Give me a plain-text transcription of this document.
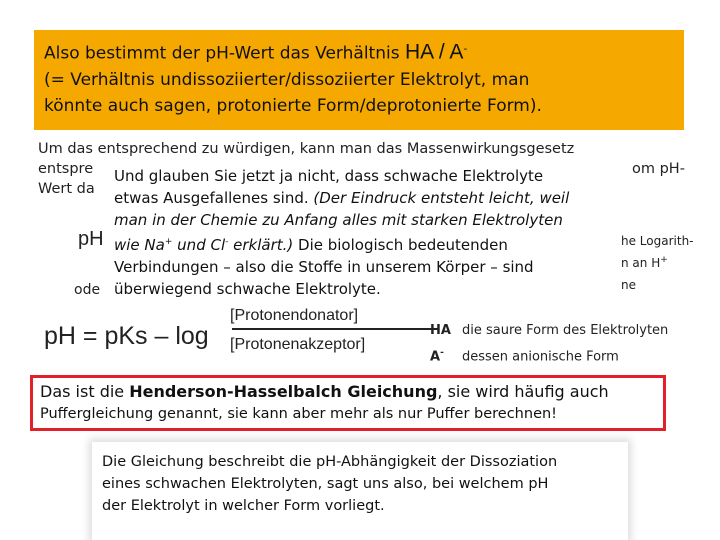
Also bestimmt der pH-Wert das Verhältnis HA / A-
(= Verhältnis undissoziierter/dissoziierter Elektrolyt, man
könnte auch sagen, protonierte Form/deprotonierte Form).
Um das entsprechend zu würdigen, kann man das Massenwirkungsgesetz
entspre	om pH-
Wert da
pH
ode
he Logarith-
n an H+
ne
Und glauben Sie jetzt ja nicht, dass schwache Elektrolyte
etwas Ausgefallenes sind. (Der Eindruck entsteht leicht, weil
man in der Chemie zu Anfang alles mit starken Elektrolyten
wie Na+ und Cl- erklärt.) Die biologisch bedeutenden
Verbindungen – also die Stoffe in unserem Körper – sind
überwiegend schwache Elektrolyte.
pH = pKs – log
[Protonendonator]
[Protonenakzeptor]
HA die saure Form des Elektrolyten
A- dessen anionische Form
Das ist die Henderson-Hasselbalch Gleichung, sie wird häufig auch
Puffergleichung genannt, sie kann aber mehr als nur Puffer berechnen!
Die Gleichung beschreibt die pH-Abhängigkeit der Dissoziation
eines schwachen Elektrolyten, sagt uns also, bei welchem pH
der Elektrolyt in welcher Form vorliegt.
